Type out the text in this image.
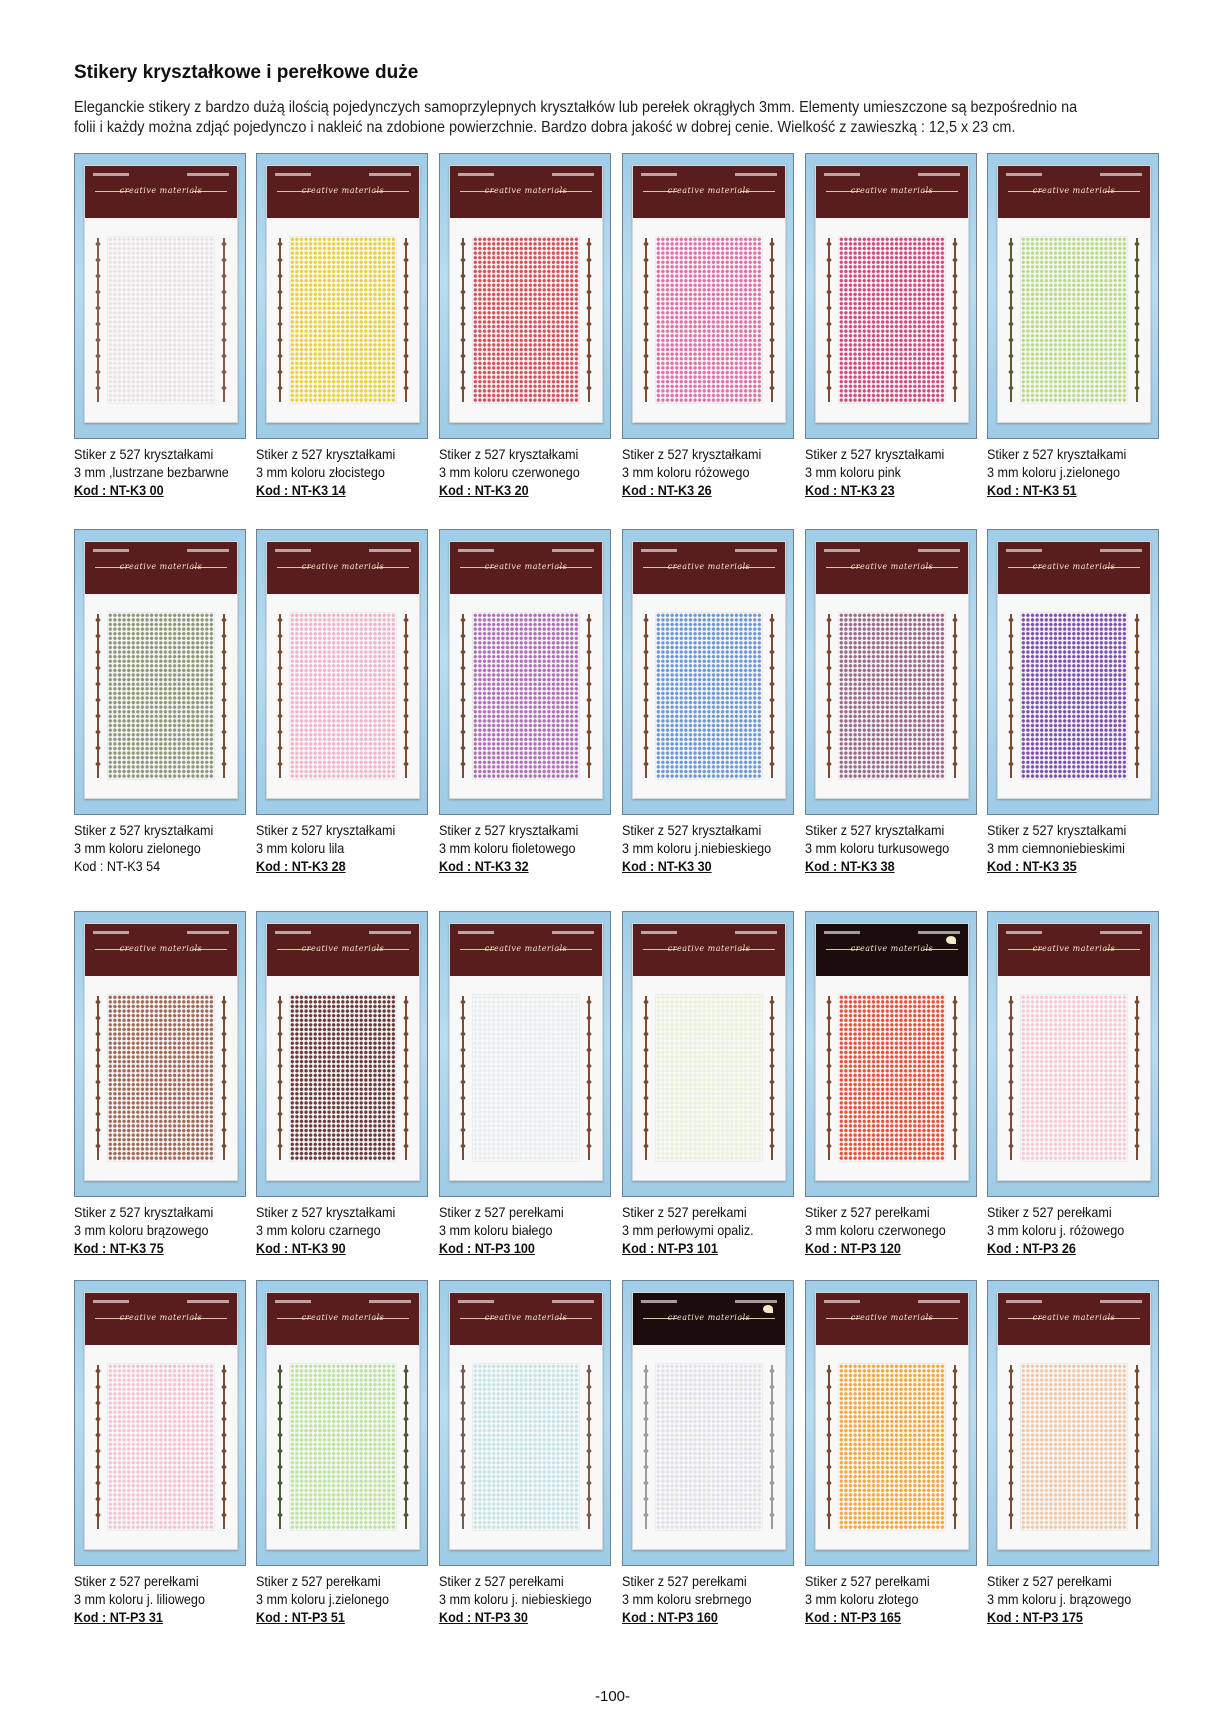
Stikery kryształkowe i perełkowe duże
Eleganckie stikery z bardzo dużą ilością pojedynczych samoprzylepnych kryształków lub perełek okrągłych 3mm. Elementy umieszczone są bezpośrednio na folii i każdy można zdjąć pojedynczo i nakleić na zdobione powierzchnie. Bardzo dobra jakość w dobrej cenie. Wielkość z zawieszką : 12,5 x 23 cm.
creative materials
Stiker z 527 kryształkami
3 mm ,lustrzane bezbarwne
Kod : NT-K3 00
creative materials
Stiker z 527 kryształkami
3 mm koloru złocistego
Kod : NT-K3 14
creative materials
Stiker z 527 kryształkami
3 mm koloru czerwonego
Kod : NT-K3 20
creative materials
Stiker z 527 kryształkami
3 mm koloru różowego
Kod : NT-K3 26
creative materials
Stiker z 527 kryształkami
3 mm koloru pink
Kod : NT-K3 23
creative materials
Stiker z 527 kryształkami
3 mm koloru j.zielonego
Kod : NT-K3 51
creative materials
Stiker z 527 kryształkami
3 mm koloru zielonego
Kod : NT-K3 54
creative materials
Stiker z 527 kryształkami
3 mm koloru lila
Kod : NT-K3 28
creative materials
Stiker z 527 kryształkami
3 mm koloru fioletowego
Kod : NT-K3 32
creative materials
Stiker z 527 kryształkami
3 mm koloru j.niebieskiego
Kod : NT-K3 30
creative materials
Stiker z 527 kryształkami
3 mm koloru turkusowego
Kod : NT-K3 38
creative materials
Stiker z 527 kryształkami
3 mm ciemnoniebieskimi
Kod : NT-K3 35
creative materials
Stiker z 527 kryształkami
3 mm koloru brązowego
Kod : NT-K3 75
creative materials
Stiker z 527 kryształkami
3 mm koloru czarnego
Kod : NT-K3 90
creative materials
Stiker z 527 perełkami
3 mm koloru białego
Kod : NT-P3 100
creative materials
Stiker z 527 perełkami
3 mm perłowymi opaliz.
Kod : NT-P3 101
creative materials
Stiker z 527 perełkami
3 mm koloru czerwonego
Kod : NT-P3 120
creative materials
Stiker z 527 perełkami
3 mm koloru j. różowego
Kod : NT-P3 26
creative materials
Stiker z 527 perełkami
3 mm koloru j. liliowego
Kod : NT-P3 31
creative materials
Stiker z 527 perełkami
3 mm koloru j.zielonego
Kod : NT-P3 51
creative materials
Stiker z 527 perełkami
3 mm koloru j. niebieskiego
Kod : NT-P3 30
creative materials
Stiker z 527 perełkami
3 mm koloru srebrnego
Kod : NT-P3 160
creative materials
Stiker z 527 perełkami
3 mm koloru złotego
Kod : NT-P3 165
creative materials
Stiker z 527 perełkami
3 mm koloru j. brązowego
Kod : NT-P3 175
-100-
